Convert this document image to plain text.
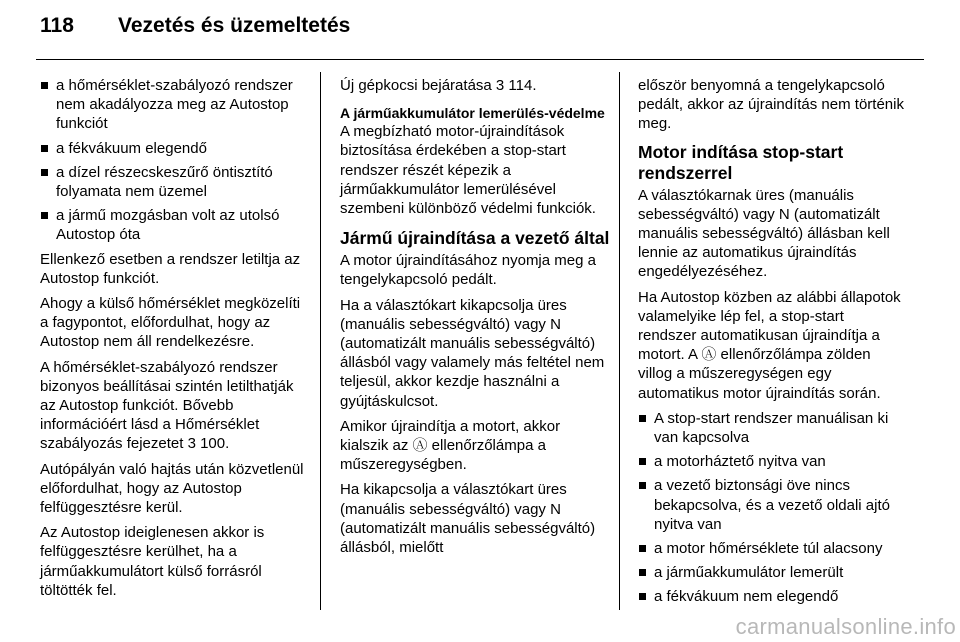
118	Vezetés és üzemeltetés
a hőmérséklet-szabályozó rendszer nem akadályozza meg az Autostop funkciót
a fékvákuum elegendő
a dízel részecskeszűrő öntisztító folyamata nem üzemel
a jármű mozgásban volt az utolsó Autostop óta

Ellenkező esetben a rendszer letiltja az Autostop funkciót.

Ahogy a külső hőmérséklet megközelíti a fagypontot, előfordulhat, hogy az Autostop nem áll rendelkezésre.

A hőmérséklet-szabályozó rendszer bizonyos beállításai szintén letilthatják az Autostop funkciót. Bővebb információért lásd a Hőmérséklet szabályozás fejezetet 3 100.

Autópályán való hajtás után közvetlenül előfordulhat, hogy az Autostop felfüggesztésre kerül.

Az Autostop ideiglenesen akkor is felfüggesztésre kerülhet, ha a járműakkumulátort külső forrásról töltötték fel.

Új gépkocsi bejáratása 3 114.

A járműakkumulátor lemerülés-védelme

A megbízható motor-újraindítások biztosítása érdekében a stop-start rendszer részét képezik a járműakkumulátor lemerülésével szembeni különböző védelmi funkciók.

Jármű újraindítása a vezető által

A motor újraindításához nyomja meg a tengelykapcsoló pedált.

Ha a választókart kikapcsolja üres (manuális sebességváltó) vagy N (automatizált manuális sebességváltó) állásból vagy valamely más feltétel nem teljesül, akkor kezdje használni a gyújtáskulcsot.

Amikor újraindítja a motort, akkor kialszik az Ⓐ ellenőrzőlámpa a műszeregységben.

Ha kikapcsolja a választókart üres (manuális sebességváltó) vagy N (automatizált manuális sebességváltó) állásból, mielőtt

először benyomná a tengelykapcsoló pedált, akkor az újraindítás nem történik meg.

Motor indítása stop-start rendszerrel

A választókarnak üres (manuális sebességváltó) vagy N (automatizált manuális sebességváltó) állásban kell lennie az automatikus újraindítás engedélyezéséhez.

Ha Autostop közben az alábbi állapotok valamelyike lép fel, a stop-start rendszer automatikusan újraindítja a motort. A Ⓐ ellenőrzőlámpa zölden villog a műszeregységen egy automatikus motor újraindítás során.

A stop-start rendszer manuálisan ki van kapcsolva
a motorháztető nyitva van
a vezető biztonsági öve nincs bekapcsolva, és a vezető oldali ajtó nyitva van
a motor hőmérséklete túl alacsony
a járműakkumulátor lemerült
a fékvákuum nem elegendő
carmanualsonline.info
